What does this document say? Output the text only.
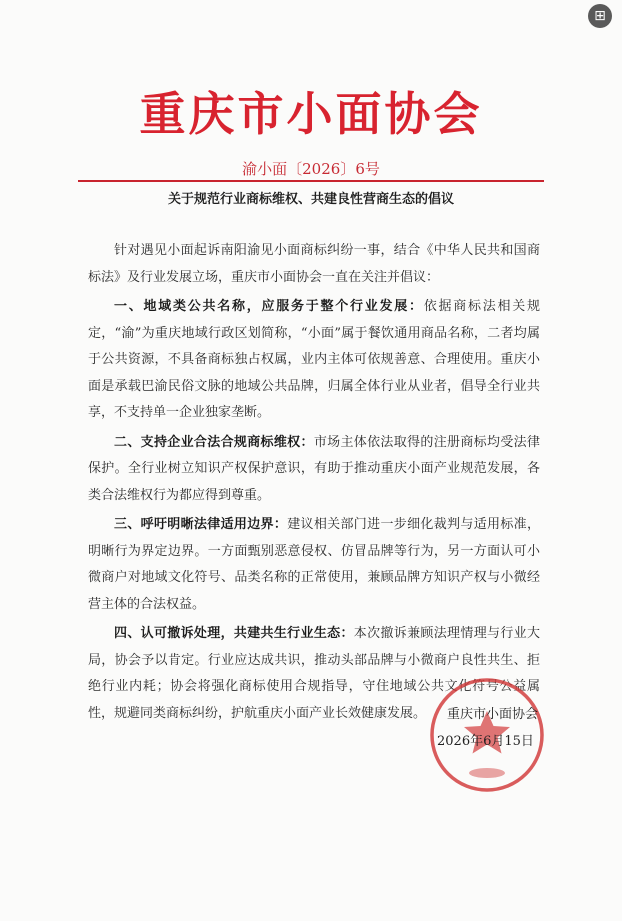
⊞
重庆市小面协会
渝小面〔2026〕6号
关于规范行业商标维权、共建良性营商生态的倡议

针对遇见小面起诉南阳渝见小面商标纠纷一事，结合《中华人民共和国商标法》及行业发展立场，重庆市小面协会一直在关注并倡议：

一、地域类公共名称，应服务于整个行业发展：依据商标法相关规定，“渝”为重庆地域行政区划简称，“小面”属于餐饮通用商品名称，二者均属于公共资源，不具备商标独占权属，业内主体可依规善意、合理使用。重庆小面是承载巴渝民俗文脉的地域公共品牌，归属全体行业从业者，倡导全行业共享，不支持单一企业独家垄断。

二、支持企业合法合规商标维权：市场主体依法取得的注册商标均受法律保护。全行业树立知识产权保护意识，有助于推动重庆小面产业规范发展，各类合法维权行为都应得到尊重。

三、呼吁明晰法律适用边界：建议相关部门进一步细化裁判与适用标准，明晰行为界定边界。一方面甄别恶意侵权、仿冒品牌等行为，另一方面认可小微商户对地域文化符号、品类名称的正常使用，兼顾品牌方知识产权与小微经营主体的合法权益。

四、认可撤诉处理，共建共生行业生态：本次撤诉兼顾法理情理与行业大局，协会予以肯定。行业应达成共识，推动头部品牌与小微商户良性共生、拒绝行业内耗；协会将强化商标使用合规指导，守住地域公共文化符号公益属性，规避同类商标纠纷，护航重庆小面产业长效健康发展。	重庆市小面协会
2026年6月15日
